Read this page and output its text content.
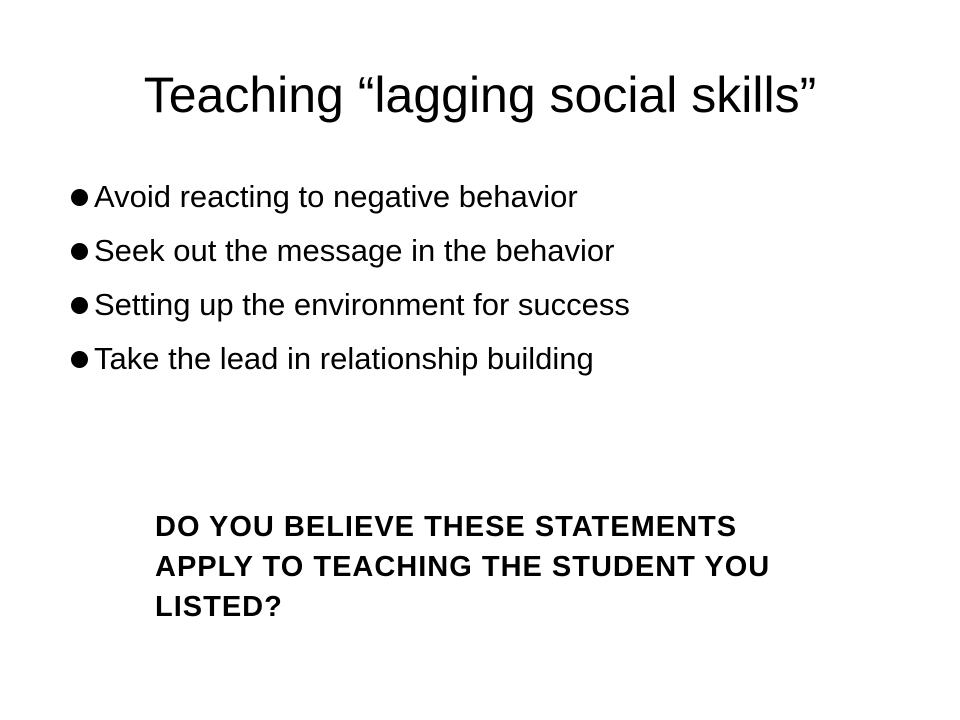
Teaching “lagging social skills”
Avoid reacting to negative behavior
Seek out the message in the behavior
Setting up the environment for success
Take the lead in relationship building

DO YOU BELIEVE THESE STATEMENTS
APPLY TO TEACHING THE STUDENT YOU
LISTED?
